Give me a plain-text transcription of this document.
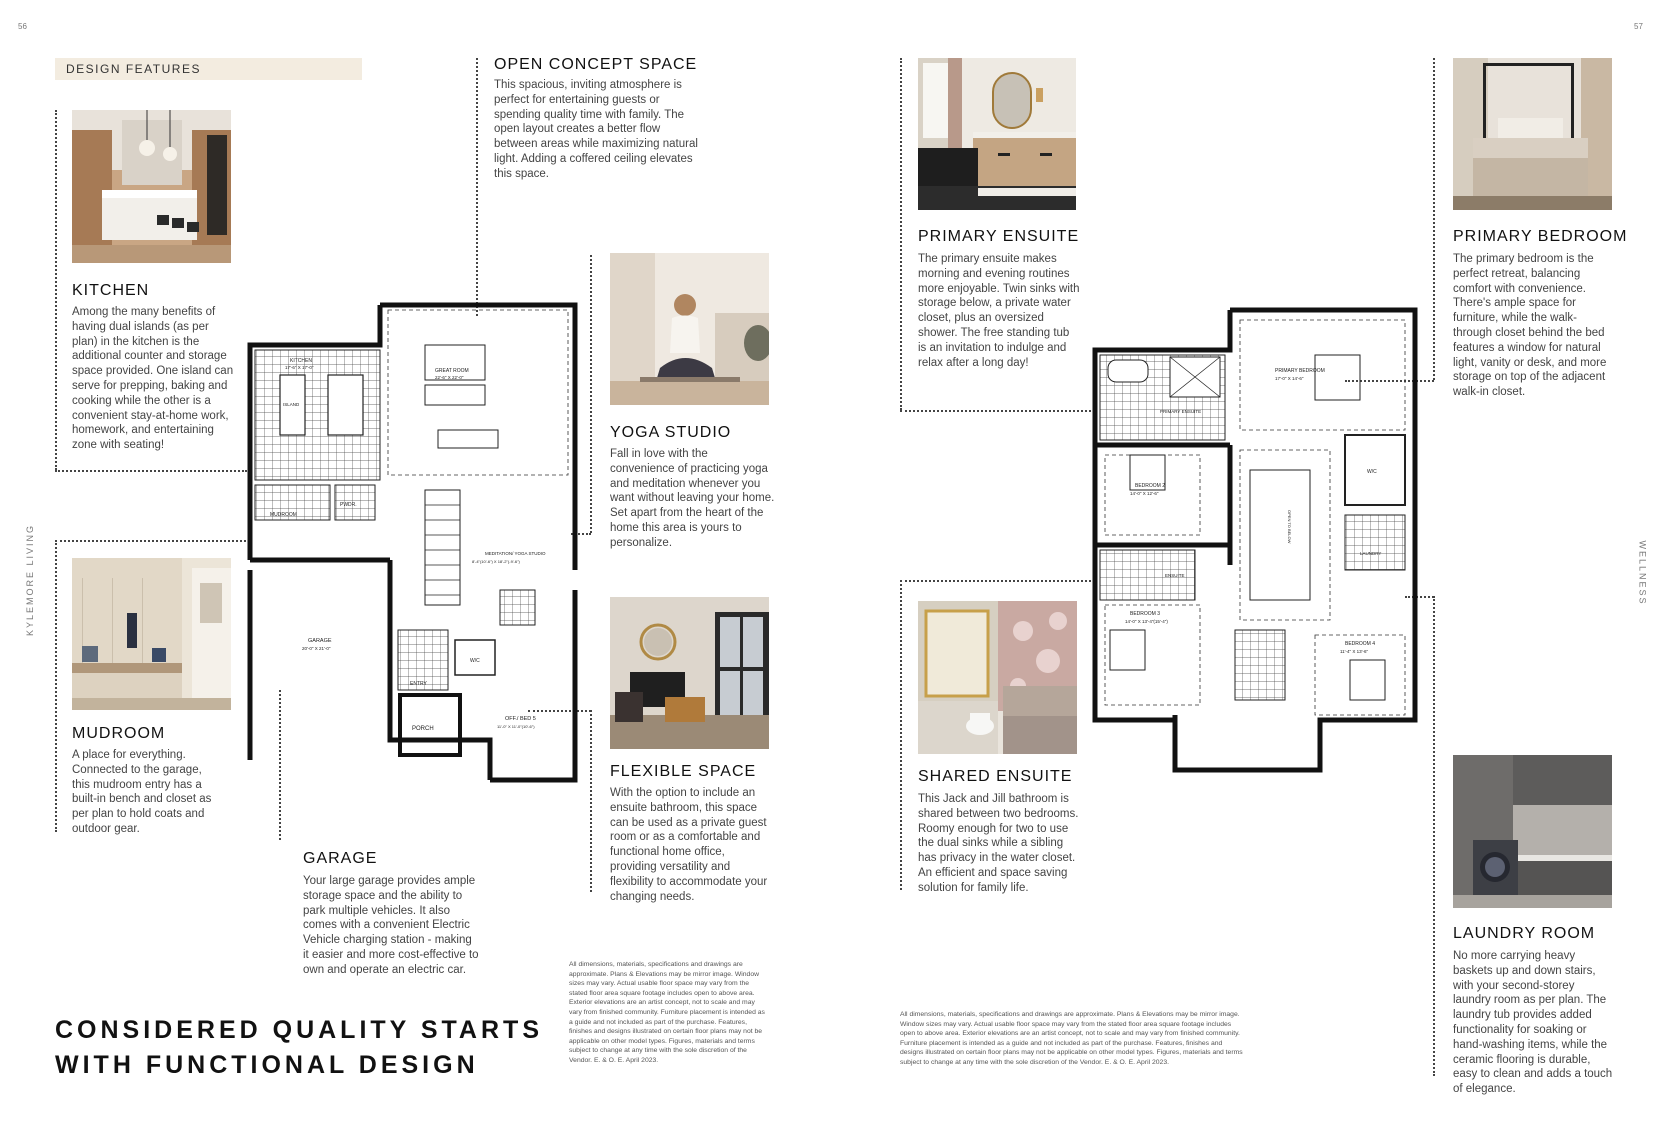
56	57
KYLEMORE LIVING	WELLNESS
DESIGN FEATURES	OPEN CONCEPT SPACE
This spacious, inviting atmosphere is perfect for entertaining guests or spending quality time with family. The open layout creates a better flow between areas while maximizing natural light. Adding a coffered ceiling elevates this space.
KITCHEN
Among the many benefits of having dual islands (as per plan) in the kitchen is the additional counter and storage space provided. One island can serve for prepping, baking and cooking while the other is a convenient stay-at-home work, homework, and entertaining zone with seating!
YOGA STUDIO
Fall in love with the convenience of practicing yoga and meditation whenever you want without leaving your home. Set apart from the heart of the home this area is yours to personalize.
MUDROOM
A place for everything. Connected to the garage, this mudroom entry has a built-in bench and closet as per plan to hold coats and outdoor gear.
FLEXIBLE SPACE
With the option to include an ensuite bathroom, this space can be used as a private guest room or as a comfortable and functional home office, providing versatility and flexibility to accommodate your changing needs.
GARAGE
Your large garage provides ample storage space and the ability to park multiple vehicles. It also comes with a convenient Electric Vehicle charging station - making it easier and more cost-effective to own and operate an electric car.	All dimensions, materials, specifications and drawings are approximate. Plans & Elevations may be mirror image. Window sizes may vary. Actual usable floor space may vary from the stated floor area square footage includes open to above area. Exterior elevations are an artist concept, not to scale and may vary from finished community. Furniture placement is intended as a guide and not included as part of the purchase. Features, finishes and designs illustrated on certain floor plans may not be applicable on other model types. Figures, materials and terms subject to change at any time with the sole discretion of the Vendor. E. & O. E. April 2023.
CONSIDERED QUALITY STARTS
WITH FUNCTIONAL DESIGN
PRIMARY ENSUITE
The primary ensuite makes morning and evening routines more enjoyable. Twin sinks with storage below, a private water closet, plus an oversized shower. The free standing tub is an invitation to indulge and relax after a long day!
PRIMARY BEDROOM
The primary bedroom is the perfect retreat, balancing comfort with convenience. There's ample space for furniture, while the walk-through closet behind the bed features a window for natural light, vanity or desk, and more storage on top of the adjacent walk-in closet.
SHARED ENSUITE
This Jack and Jill bathroom is shared between two bedrooms. Roomy enough for two to use the dual sinks while a sibling has privacy in the water closet. An efficient and space saving solution for family life.
LAUNDRY ROOM
No more carrying heavy baskets up and down stairs, with your second-storey laundry room as per plan. The laundry tub provides added functionality for soaking or hand-washing items, while the ceramic flooring is durable, easy to clean and adds a touch of elegance.
All dimensions, materials, specifications and drawings are approximate. Plans & Elevations may be mirror image. Window sizes may vary. Actual usable floor space may vary from the stated floor area square footage includes open to above area. Exterior elevations are an artist concept, not to scale and may vary from finished community. Furniture placement is intended as a guide and not included as part of the purchase. Features, finishes and designs illustrated on certain floor plans may not be applicable on other model types. Figures, materials and terms subject to change at any time with the sole discretion of the Vendor. E. & O. E. April 2023.
PORCH
ISLAND
KITCHEN
17'-6" X 17'-0"
GREAT ROOM
22'-6" X 22'-0"
PWDR.
MUDROOM
GARAGE
20'-0" X 21'-0"
MEDITATION/ YOGA STUDIO
8'-4"(10'-6") X 18'-2"(-9'-6")
ENTRY
W/C
OFF./ BED 5
11'-0" X 11'-0"(10'-6")
PRIMARY ENSUITE
PRIMARY BEDROOM
17'-0" X 14'-6"
BEDROOM 2
14'-0" X 12'-6"
ENSUITE
BEDROOM 3
14'-0" X 13'-4"(15'-4")
OPEN TO BELOW
W/C
LAUNDRY
BEDROOM 4
11'-4" X 13'-6"
